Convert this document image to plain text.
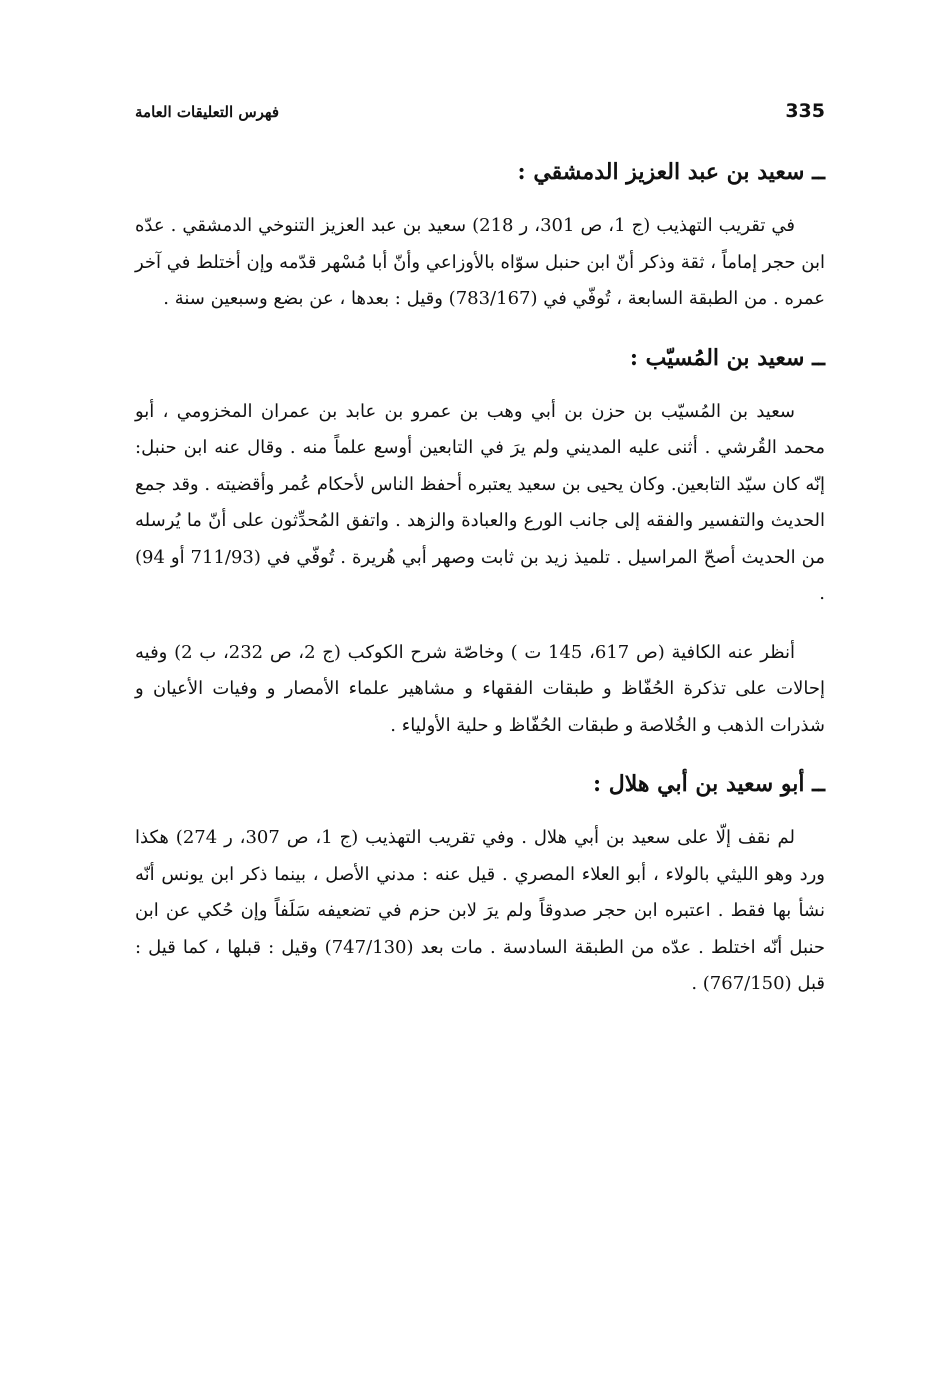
335
فهرس التعليقات العامة
ــ سعيد بن عبد العزيز الدمشقي :

في تقريب التهذيب (ج 1، ص 301، ر 218) سعيد بن عبد العزيز التنوخي الدمشقي . عدّه ابن حجر إماماً ، ثقة وذكر أنّ ابن حنبل سوّاه بالأوزاعي وأنّ أبا مُسْهر قدّمه وإن أختلط في آخر عمره . من الطبقة السابعة ، تُوفّي في (783/167) وقيل : بعدها ، عن بضع وسبعين سنة .

ــ سعيد بن المُسيّب :

سعيد بن المُسيّب بن حزن بن أبي وهب بن عمرو بن عابد بن عمران المخزومي ، أبو محمد القُرشي . أثنى عليه المديني ولم يرَ في التابعين أوسع علماً منه . وقال عنه ابن حنبل: إنّه كان سيّد التابعين. وكان يحيى بن سعيد يعتبره أحفظ الناس لأحكام عُمر وأقضيته . وقد جمع الحديث والتفسير والفقه إلى جانب الورع والعبادة والزهد . واتفق المُحدِّثون على أنّ ما يُرسله من الحديث أصحّ المراسيل . تلميذ زيد بن ثابت وصهر أبي هُريرة . تُوفّي في (711/93 أو 94) .

أنظر عنه الكافية (ص 617، 145 ت ) وخاصّة شرح الكوكب (ج 2، ص 232، ب 2) وفيه إحالات على تذكرة الحُفّاظ و طبقات الفقهاء و مشاهير علماء الأمصار و وفيات الأعيان و شذرات الذهب و الخُلاصة و طبقات الحُفّاظ و حلية الأولياء .

ــ أبو سعيد بن أبي هلال :

لم نقف إلّا على سعيد بن أبي هلال . وفي تقريب التهذيب (ج 1، ص 307، ر 274) هكذا ورد وهو الليثي بالولاء ، أبو العلاء المصري . قيل عنه : مدني الأصل ، بينما ذكر ابن يونس أنّه نشأ بها فقط . اعتبره ابن حجر صدوقاً ولم يرَ لابن حزم في تضعيفه سَلَفاً وإن حُكي عن ابن حنبل أنّه اختلط . عدّه من الطبقة السادسة . مات بعد (747/130) وقيل : قبلها ، كما قيل : قبل (767/150) .
